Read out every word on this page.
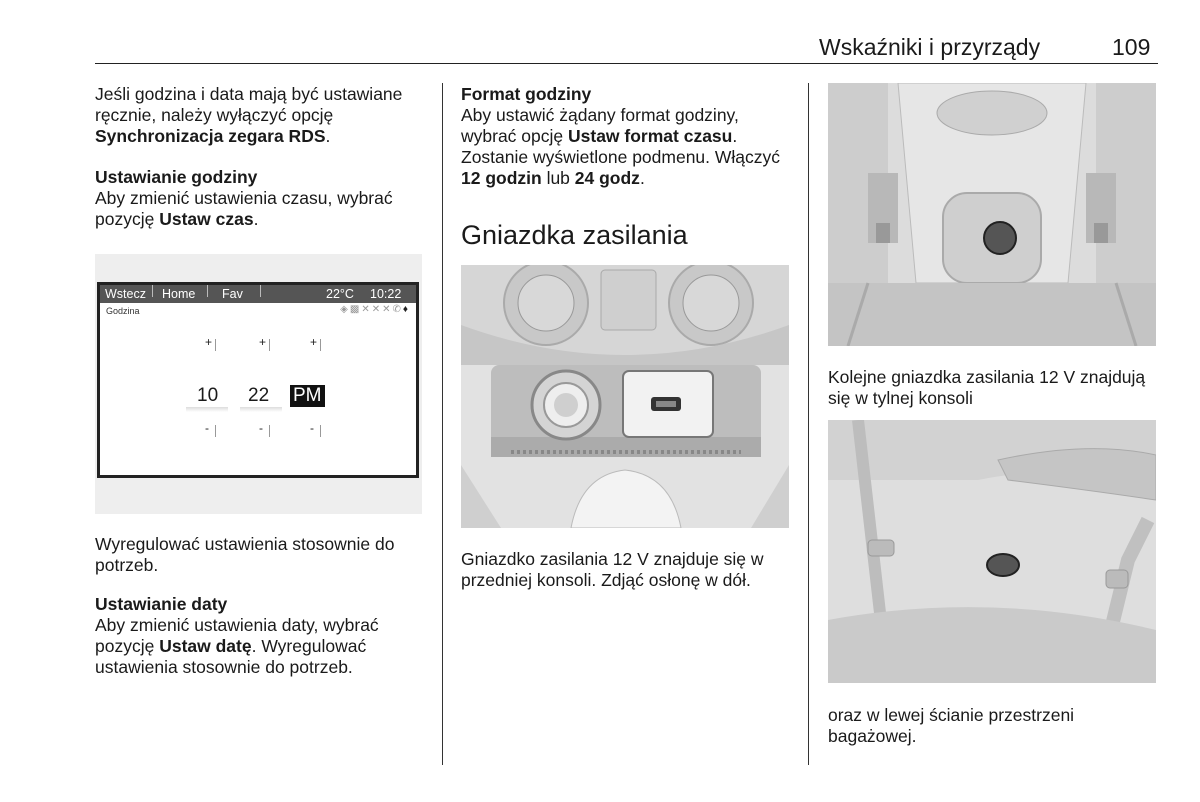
Wskaźniki i przyrządy	109

Jeśli godzina i data mają być ustawiane ręcznie, należy wyłączyć opcję Synchronizacja zegara RDS.

Ustawianie godziny

Aby zmienić ustawienia czasu, wybrać pozycję Ustaw czas.

Wstecz Home Fav	22°C 10:22
Godzina	◈▩✕✕✕✆♦
+	+	+
10 22 PM
-	-	-

Wyregulować ustawienia stosownie do potrzeb.

Ustawianie daty

Aby zmienić ustawienia daty, wybrać pozycję Ustaw datę. Wyregulować ustawienia stosownie do potrzeb.

Format godziny

Aby ustawić żądany format godziny, wybrać opcję Ustaw format czasu. Zostanie wyświetlone podmenu. Włączyć 12 godzin lub 24 godz.

Gniazdka zasilania

Gniazdko zasilania 12 V znajduje się w przedniej konsoli. Zdjąć osłonę w dół.

Kolejne gniazdka zasilania 12 V znajdują się w tylnej konsoli

oraz w lewej ścianie przestrzeni bagażowej.
